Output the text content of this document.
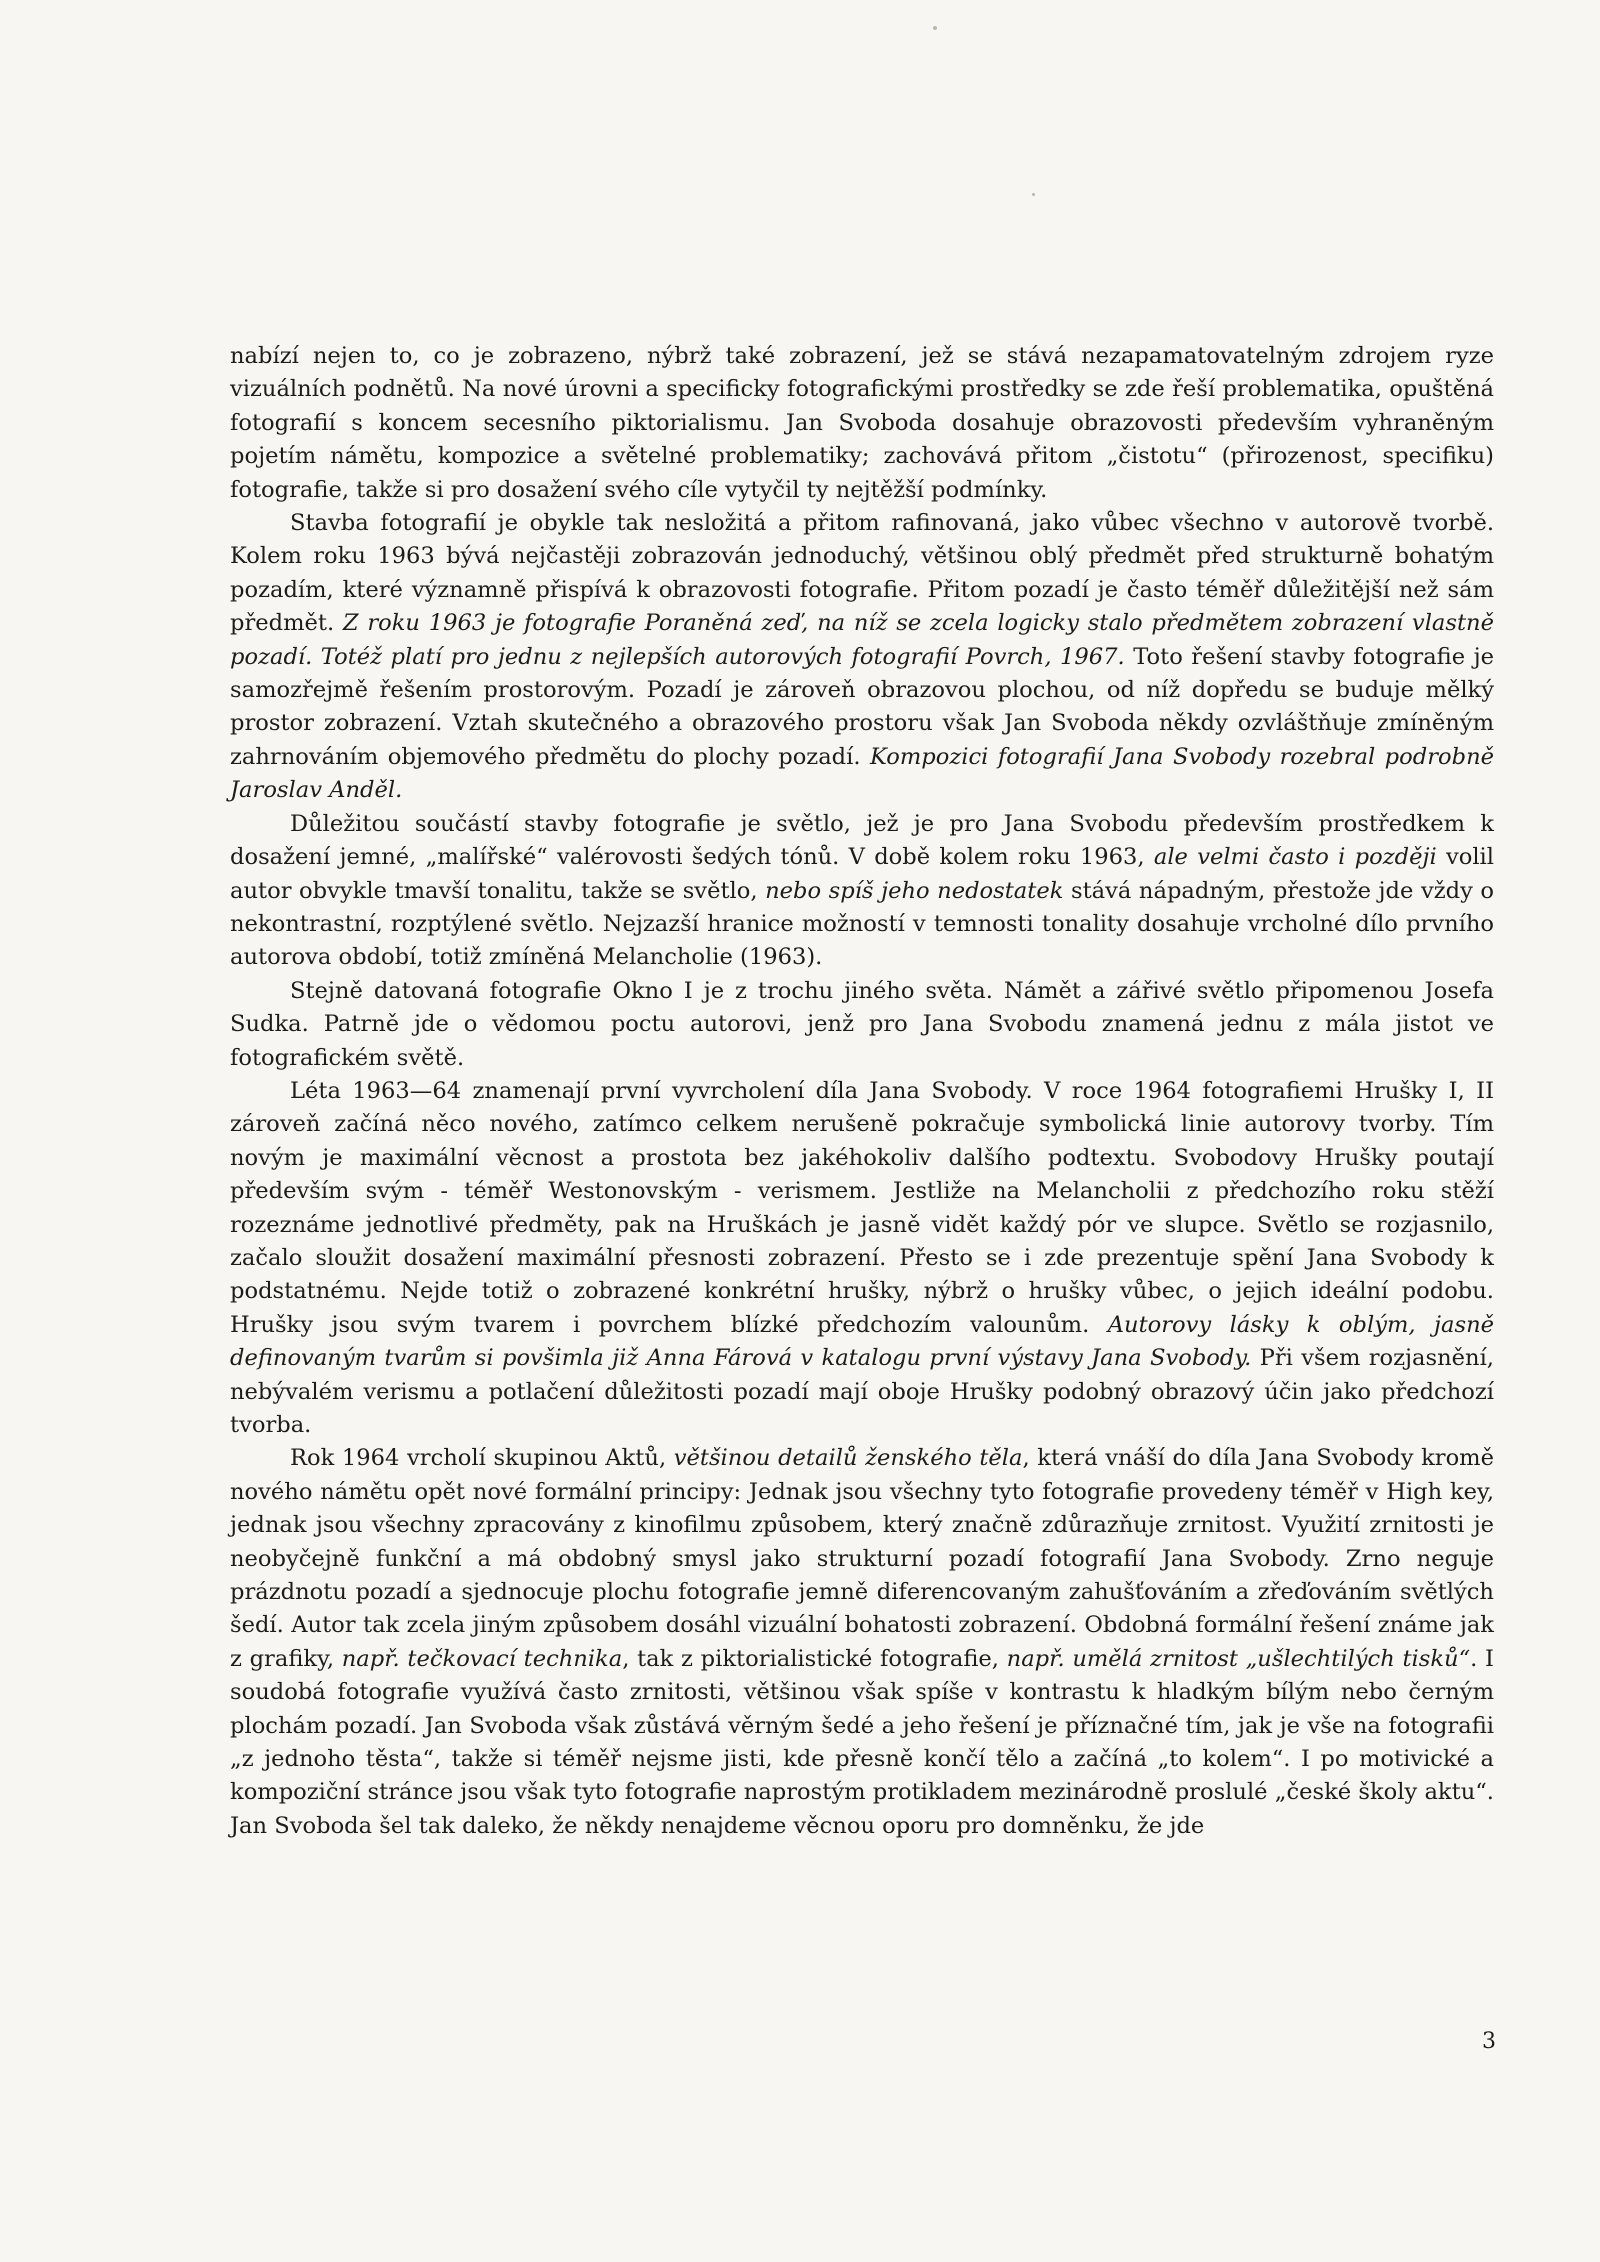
nabízí nejen to, co je zobrazeno, nýbrž také zobrazení, jež se stává nezapamatovatelným zdrojem ryze vizuálních podnětů. Na nové úrovni a specificky fotografickými prostředky se zde řeší problematika, opuštěná fotografií s koncem secesního piktorialismu. Jan Svoboda dosahuje obrazovosti především vyhraněným pojetím námětu, kompozice a světelné problematiky; zachovává přitom „čistotu“ (přirozenost, specifiku) fotografie, takže si pro dosažení svého cíle vytyčil ty nejtěžší podmínky.

Stavba fotografií je obykle tak nesložitá a přitom rafinovaná, jako vůbec všechno v autorově tvorbě. Kolem roku 1963 bývá nejčastěji zobrazován jednoduchý, většinou oblý předmět před strukturně bohatým pozadím, které významně přispívá k obrazovosti fotografie. Přitom pozadí je často téměř důležitější než sám předmět. Z roku 1963 je fotografie Poraněná zeď, na níž se zcela logicky stalo předmětem zobrazení vlastně pozadí. Totéž platí pro jednu z nejlepších autorových fotografií Povrch, 1967. Toto řešení stavby fotografie je samozřejmě řešením prostorovým. Pozadí je zároveň obrazovou plochou, od níž dopředu se buduje mělký prostor zobrazení. Vztah skutečného a obrazového prostoru však Jan Svoboda někdy ozvláštňuje zmíněným zahrnováním objemového předmětu do plochy pozadí. Kompozici fotografií Jana Svobody rozebral podrobně Jaroslav Anděl.

Důležitou součástí stavby fotografie je světlo, jež je pro Jana Svobodu především prostředkem k dosažení jemné, „malířské“ valérovosti šedých tónů. V době kolem roku 1963, ale velmi často i později volil autor obvykle tmavší tonalitu, takže se světlo, nebo spíš jeho nedostatek stává nápadným, přestože jde vždy o nekontrastní, rozptýlené světlo. Nejzazší hranice možností v temnosti tonality dosahuje vrcholné dílo prvního autorova období, totiž zmíněná Melancholie (1963).

Stejně datovaná fotografie Okno I je z trochu jiného světa. Námět a zářivé světlo připomenou Josefa Sudka. Patrně jde o vědomou poctu autorovi, jenž pro Jana Svobodu znamená jednu z mála jistot ve fotografickém světě.

Léta 1963—64 znamenají první vyvrcholení díla Jana Svobody. V roce 1964 fotografiemi Hrušky I, II zároveň začíná něco nového, zatímco celkem nerušeně pokračuje symbolická linie autorovy tvorby. Tím novým je maximální věcnost a prostota bez jakéhokoliv dalšího podtextu. Svobodovy Hrušky poutají především svým - téměř Westonovským - verismem. Jestliže na Melancholii z předchozího roku stěží rozeznáme jednotlivé předměty, pak na Hruškách je jasně vidět každý pór ve slupce. Světlo se rozjasnilo, začalo sloužit dosažení maximální přesnosti zobrazení. Přesto se i zde prezentuje spění Jana Svobody k podstatnému. Nejde totiž o zobrazené konkrétní hrušky, nýbrž o hrušky vůbec, o jejich ideální podobu. Hrušky jsou svým tvarem i povrchem blízké předchozím valounům. Autorovy lásky k oblým, jasně definovaným tvarům si povšimla již Anna Fárová v katalogu první výstavy Jana Svobody. Při všem rozjasnění, nebývalém verismu a potlačení důležitosti pozadí mají oboje Hrušky podobný obrazový účin jako předchozí tvorba.

Rok 1964 vrcholí skupinou Aktů, většinou detailů ženského těla, která vnáší do díla Jana Svobody kromě nového námětu opět nové formální principy: Jednak jsou všechny tyto fotografie provedeny téměř v High key, jednak jsou všechny zpracovány z kinofilmu způsobem, který značně zdůrazňuje zrnitost. Využití zrnitosti je neobyčejně funkční a má obdobný smysl jako strukturní pozadí fotografií Jana Svobody. Zrno neguje prázdnotu pozadí a sjednocuje plochu fotografie jemně diferencovaným zahušťováním a zřeďováním světlých šedí. Autor tak zcela jiným způsobem dosáhl vizuální bohatosti zobrazení. Obdobná formální řešení známe jak z grafiky, např. tečkovací technika, tak z piktorialistické fotografie, např. umělá zrnitost „ušlechtilých tisků“. I soudobá fotografie využívá často zrnitosti, většinou však spíše v kontrastu k hladkým bílým nebo černým plochám pozadí. Jan Svoboda však zůstává věrným šedé a jeho řešení je příznačné tím, jak je vše na fotografii „z jednoho těsta“, takže si téměř nejsme jisti, kde přesně končí tělo a začíná „to kolem“. I po motivické a kompoziční stránce jsou však tyto fotografie naprostým protikladem mezinárodně proslulé „české školy aktu“. Jan Svoboda šel tak daleko, že někdy nenajdeme věcnou oporu pro domněnku, že jde

3
